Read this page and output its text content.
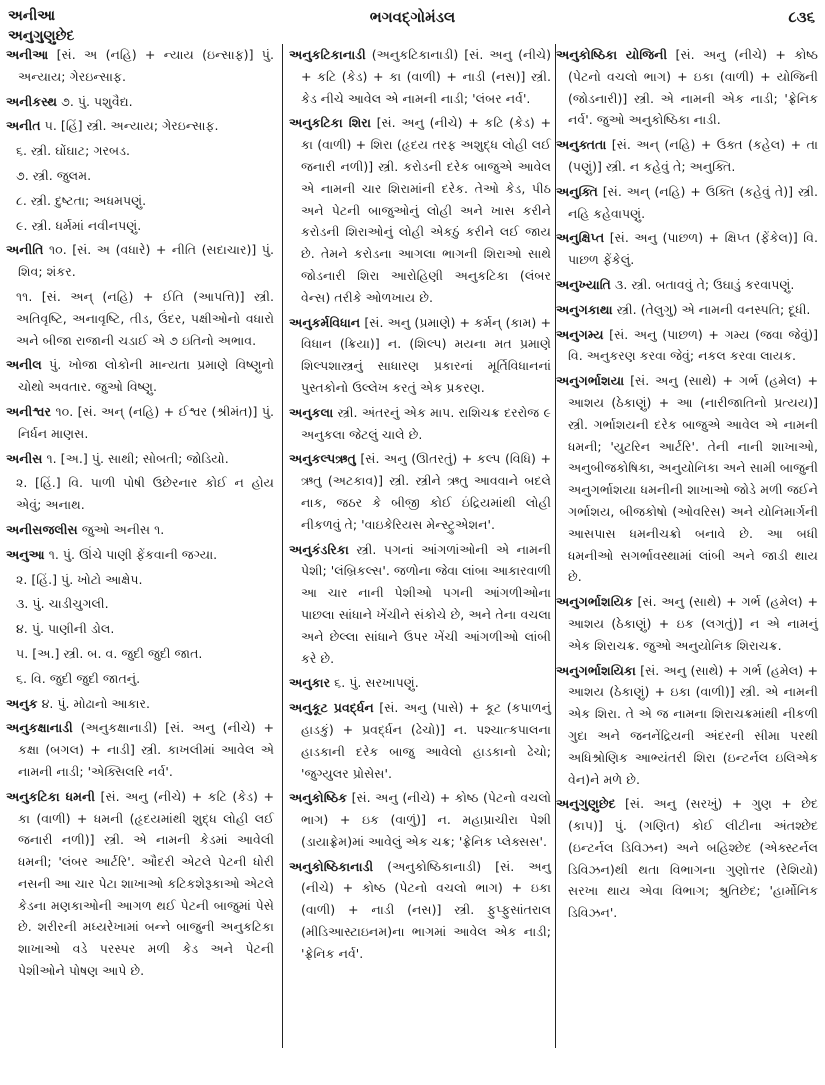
અનીઆ
અનુગુણુછેદ
ભગવદ્ગોમંડલ	૮૩૬
અનીઆ [સં. અ (નહિ) + ન્યાય (ઇન્સાફ)] પું. અન્યાય; ગેરઇન્સાફ.
અનીકસ્થ ૭. પું. પશુવૈદ્ય.
અનીત ૫. [હિં] સ્ત્રી. અન્યાય; ગેરઇન્સાફ.
૬. સ્ત્રી. ઘોંઘાટ; ગરબડ.
૭. સ્ત્રી. જુલમ.
૮. સ્ત્રી. દુષ્ટતા; અધમપણું.
૯. સ્ત્રી. ધર્મમાં નવીનપણું.
અનીતિ ૧૦. [સં. અ (વધારે) + નીતિ (સદાચાર)] પું. શિવ; શંકર.
૧૧. [સં. અન્ (નહિ) + ઈતિ (આપત્તિ)] સ્ત્રી. અતિવૃષ્ટિ, અનાવૃષ્ટિ, તીડ, ઉંદર, પક્ષીઓનો વધારો અને બીજા રાજાની ચડાઈ એ ૭ ઇતિનો અભાવ.
અનીલ પું. ખોજા લોકોની માન્યતા પ્રમાણે વિષ્ણુનો ચોથો અવતાર. જુઓ વિષ્ણુ.
અનીશ્વર ૧૦. [સં. અન્ (નહિ) + ઈશ્વર (શ્રીમંત)] પું. નિર્ધન માણસ.
અનીસ ૧. [અ.] પું. સાથી; સોબતી; જોડિયો.
૨. [હિં.] વિ. પાળી પોષી ઉછેરનાર કોઈ ન હોય એવું; અનાથ.
અનીસજલીસ જુઓ અનીસ ૧.
અનુઆ ૧. પું. ઊંચે પાણી ફેંકવાની જગ્યા.
૨. [હિં.] પું. ખોટો આક્ષેપ.
૩. પું. ચાડીચુગલી.
૪. પું. પાણીની ડોલ.
૫. [અ.] સ્ત્રી. બ. વ. જુદી જુદી જાત.
૬. વિ. જુદી જુદી જાતનું.
અનુક ૪. પું. મોઢાનો આકાર.
અનુકક્ષાનાડી (અનુકક્ષાનાડી) [સં. અનુ (નીચે) + કક્ષા (બગલ) + નાડી] સ્ત્રી. કાખલીમાં આવેલ એ નામની નાડી; 'એક્સિલરિ નર્વ'.
અનુકટિકા ધમની [સં. અનુ (નીચે) + કટિ (કેડ) + કા (વાળી) + ધમની (હૃદયમાંથી શુદ્ધ લોહી લઈ જનારી નળી)] સ્ત્રી. એ નામની કેડમાં આવેલી ધમની; 'લંબર આર્ટરિ'. ઔદરી એટલે પેટની ધોરી નસની આ ચાર પેટા શાખાઓ કટિકશેરૂકાઓ એટલે કેડના મણકાઓની આગળ થઈ પેટની બાજુમાં પેસે છે. શરીરની મધ્યરેખામાં બન્ને બાજુની અનુકટિકા શાખાઓ વડે પરસ્પર મળી કેડ અને પેટની પેશીઓને પોષણ આપે છે.
અનુકટિકાનાડી (અનુકટિકાનાડી) [સં. અનુ (નીચે) + કટિ (કેડ) + કા (વાળી) + નાડી (નસ)] સ્ત્રી. કેડ નીચે આવેલ એ નામની નાડી; 'લંબર નર્વ'.
અનુકટિકા શિરા [સં. અનુ (નીચે) + કટિ (કેડ) + કા (વાળી) + શિરા (હૃદય તરફ અશુદ્ધ લોહી લઈ જનારી નળી)] સ્ત્રી. કરોડની દરેક બાજુએ આવેલ એ નામની ચાર શિરામાંની દરેક. તેઓ કેડ, પીઠ અને પેટની બાજુઓનું લોહી અને ખાસ કરીને કરોડની શિરાઓનું લોહી એકઠું કરીને લઈ જાય છે. તેમને કરોડના આગલા ભાગની શિરાઓ સાથે જોડનારી શિરા આરોહિણી અનુકટિકા (લંબર વેન્સ) તરીકે ઓળખાય છે.
અનુકર્મવિધાન [સં. અનુ (પ્રમાણે) + કર્મન્ (કામ) + વિધાન (ક્રિયા)] ન. (શિલ્પ) મયના મત પ્રમાણે શિલ્પશાસ્ત્રનું સાધારણ પ્રકારનાં મૂર્તિવિધાનનાં પુસ્તકોનો ઉલ્લેખ કરતું એક પ્રકરણ.
અનુકલા સ્ત્રી. અંતરનું એક માપ. રાશિચક્ર દરરોજ ૯ અનુકલા જેટલું ચાલે છે.
અનુકલ્પઋતુ [સં. અનુ (ઊતરતું) + કલ્પ (વિધિ) + ઋતુ (અટકાવ)] સ્ત્રી. સ્ત્રીને ઋતુ આવવાને બદલે નાક, જઠર કે બીજી કોઈ ઇંદ્રિયમાંથી લોહી નીકળવું તે; 'વાઇકેરિયસ મેન્સ્ટ્રુએશન'.
અનુકંડરિકા સ્ત્રી. પગનાં આંગળાંઓની એ નામની પેશી; 'લંબ્રિકલ્સ'. જળોના જેવા લાંબા આકારવાળી આ ચાર નાની પેશીઓ પગની આંગળીઓના પાછલા સાંધાને ખેંચીને સંકોચે છે, અને તેના વચલા અને છેલ્લા સાંધાને ઉપર ખેંચી આંગળીઓ લાંબી કરે છે.
અનુકાર ૬. પું. સરખાપણું.
અનુકૂટ પ્રવર્દ્ધન [સં. અનુ (પાસે) + કૂટ (કપાળનું હાડકું) + પ્રવર્દ્ધન (ઢેચો)] ન. પશ્ચાત્કપાલના હાડકાની દરેક બાજુ આવેલો હાડકાનો ઢેચો; 'જુગ્યુલર પ્રોસેસ'.
અનુકોષ્ઠિક [સં. અનુ (નીચે) + કોષ્ઠ (પેટનો વચલો ભાગ) + ઇક (વાળું)] ન. મહાપ્રાચીરા પેશી (ડાયાફ્રેમ)માં આવેલું એક ચક્ર; 'ફ્રેનિક પ્લેક્સસ'.
અનુકોષ્ઠિકાનાડી (અનુકોષ્ઠિકાનાડી) [સં. અનુ (નીચે) + કોષ્ઠ (પેટનો વચલો ભાગ) + ઇકા (વાળી) + નાડી (નસ)] સ્ત્રી. ફુપ્ફુસાંતરાલ (મીડિઆસ્ટાઇનમ)ના ભાગમાં આવેલ એક નાડી; 'ફ્રેનિક નર્વ'.
અનુકોષ્ઠિકા યોજિની [સં. અનુ (નીચે) + કોષ્ઠ (પેટનો વચલો ભાગ) + ઇકા (વાળી) + યોજિની (જોડનારી)] સ્ત્રી. એ નામની એક નાડી; 'ફ્રેનિક નર્વ'. જુઓ અનુકોષ્ઠિકા નાડી.
અનુક્તતા [સં. અન્ (નહિ) + ઉક્ત (કહેલ) + તા (પણું)] સ્ત્રી. ન કહેવું તે; અનુક્તિ.
અનુક્તિ [સં. અન્ (નહિ) + ઉક્તિ (કહેવું તે)] સ્ત્રી. નહિ કહેવાપણું.
અનુક્ષિપ્ત [સં. અનુ (પાછળ) + ક્ષિપ્ત (ફેંકેલ)] વિ. પાછળ ફેંકેલું.
અનુખ્યાતિ ૩. સ્ત્રી. બતાવવું તે; ઉઘાડું કરવાપણું.
અનુગકાથા સ્ત્રી. (તેલુગુ) એ નામની વનસ્પતિ; દૂધી.
અનુગમ્ય [સં. અનુ (પાછળ) + ગમ્ય (જવા જેવું)] વિ. અનુકરણ કરવા જેવું; નકલ કરવા લાયક.
અનુગર્ભાશયા [સં. અનુ (સાથે) + ગર્ભ (હમેલ) + આશય (ઠેકાણું) + આ (નારીજાતિનો પ્રત્યય)] સ્ત્રી. ગર્ભાશયની દરેક બાજુએ આવેલ એ નામની ધમની; 'યુટરિન આર્ટરિ'. તેની નાની શાખાઓ, અનુબીજકોષિકા, અનુયોનિકા અને સામી બાજુની અનુગર્ભાશયા ધમનીની શાખાઓ જોડે મળી જઈને ગર્ભાશય, બીજકોષો (ઓવરિસ) અને યોનિમાર્ગની આસપાસ ધમનીચક્રો બનાવે છે. આ બધી ધમનીઓ સગર્ભાવસ્થામાં લાંબી અને જાડી થાય છે.
અનુગર્ભાશયિક [સં. અનુ (સાથે) + ગર્ભ (હમેલ) + આશય (ઠેકાણું) + ઇક (લગતું)] ન એ નામનું એક શિરાચક્ર. જુઓ અનુયોનિક શિરાચક્ર.
અનુગર્ભાશયિકા [સં. અનુ (સાથે) + ગર્ભ (હમેલ) + આશય (ઠેકાણું) + ઇકા (વાળી)] સ્ત્રી. એ નામની એક શિરા. તે એ જ નામના શિરાચક્રમાંથી નીકળી ગુદા અને જનનેંદ્રિયની અંદરની સીમા પરથી અધિશ્રોણિક આભ્યંતરી શિરા (ઇન્ટર્નલ ઇલિએક વેન)ને મળે છે.
અનુગુણુછેદ [સં. અનુ (સરખું) + ગુણ + છેદ (કાપ)] પું. (ગણિત) કોઈ લીટીના અંતશ્છેદ (ઇન્ટર્નલ ડિવિઝન) અને બહિશ્છેદ (એક્સ્ટર્નલ ડિવિઝન)થી થતા વિભાગના ગુણોત્તર (રેશિયો) સરખા થાય એવા વિભાગ; શ્રુતિછેદ; 'હાર્મોનિક ડિવિઝન'.
